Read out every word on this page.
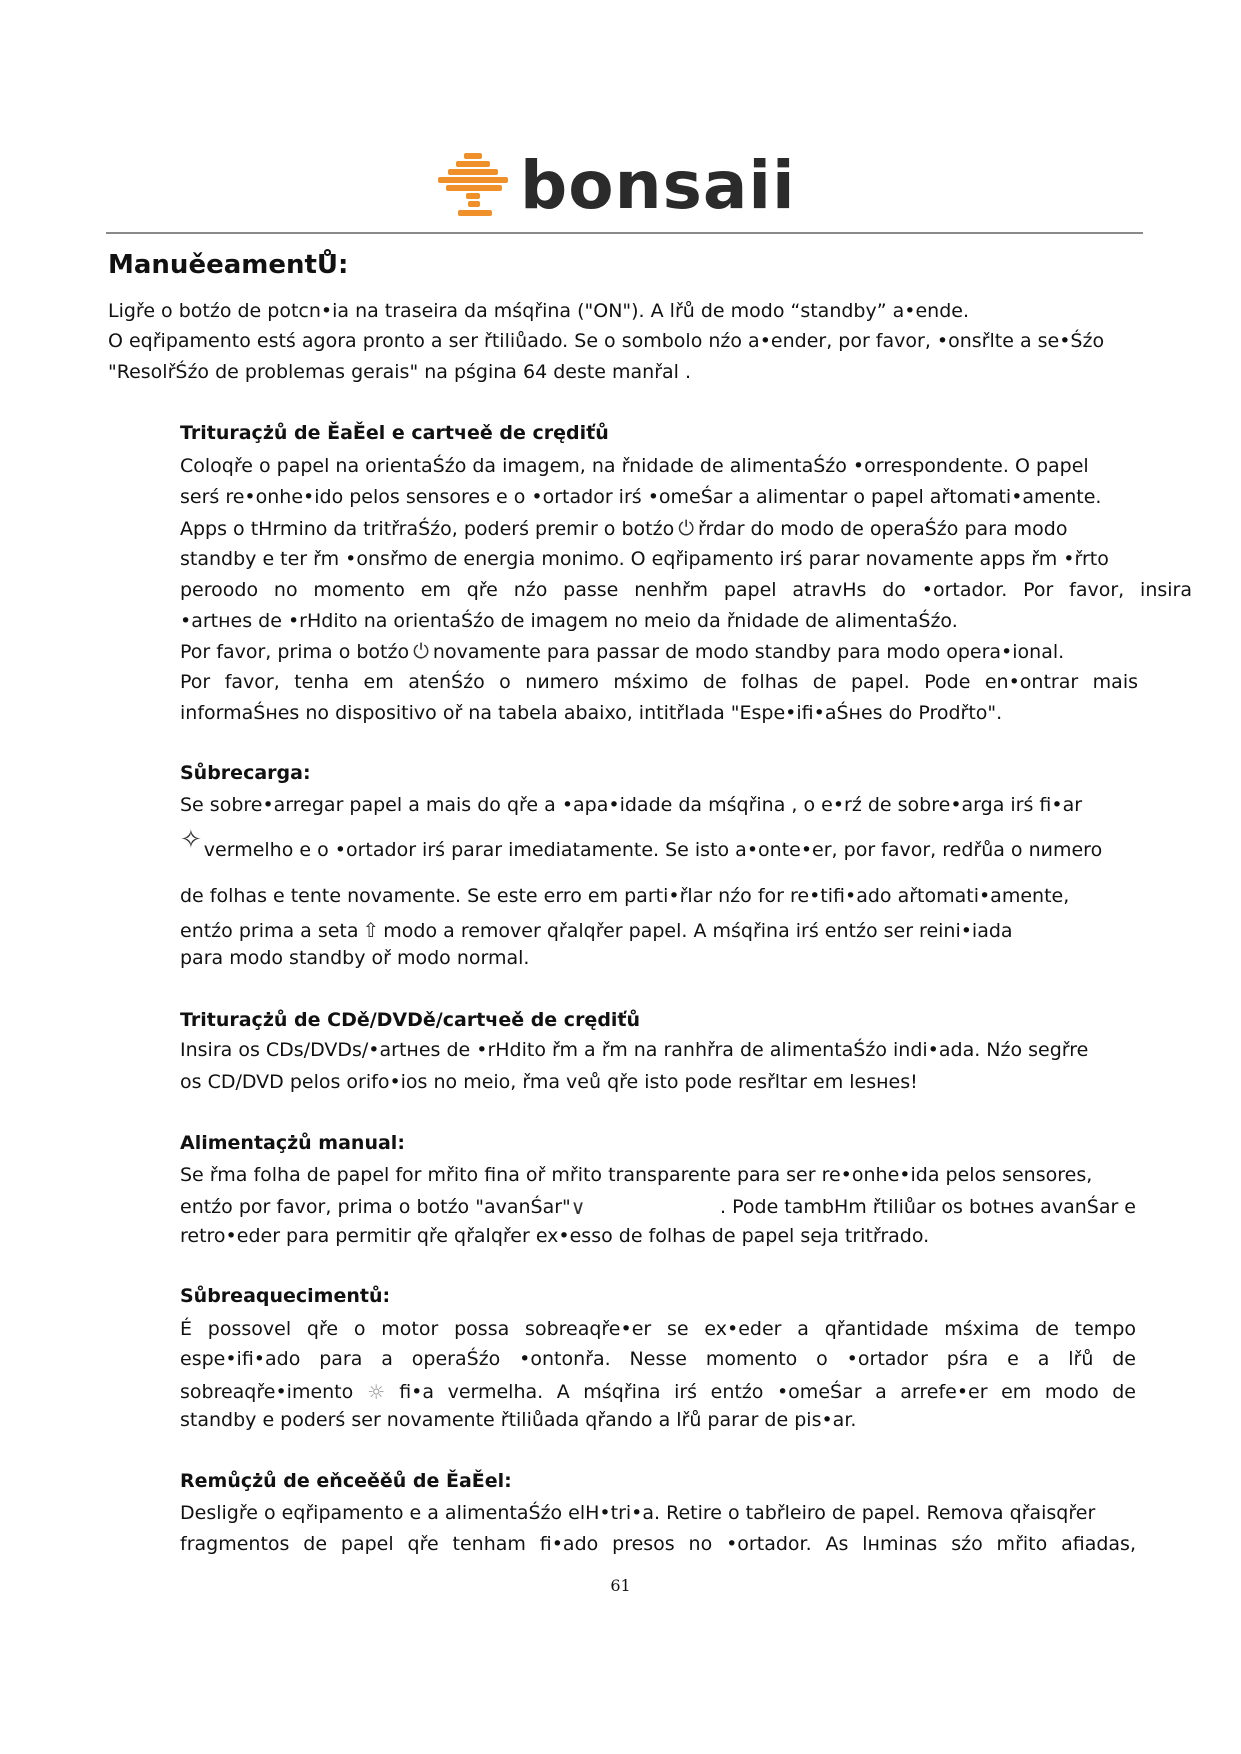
bonsaii
ManuěeamentŮ:
Ligře o botźo de potcn•ia na traseira da mśqřina ("ON"). A lřů de modo “standby” a•ende.
O eqřipamento estś agora pronto a ser řtiliůado. Se o sombolo nźo a•ender, por favor, •onsřlte a se•Śźo
"ResolřŚźo de problemas gerais" na pśgina 64 deste manřal .
Trituraçżů de ĚaĚel e cartчeě de crędiťů
Coloqře o papel na orientaŚźo da imagem, na řnidade de alimentaŚźo •orrespondente. O papel
serś re•onhe•ido pelos sensores e o •ortador irś •omeŚar a alimentar o papel ařtomati•amente.
Apps o tHrmino da tritřraŚźo, poderś premir o botźo ⏻ řrdar do modo de operaŚźo para modo
standby e ter řm •onsřmo de energia monimo. O eqřipamento irś parar novamente apps řm •řrto
peroodo no momento em qře nźo passe nenhřm papel atravHs do •ortador. Por favor, insira
•artнes de •rHdito na orientaŚźo de imagem no meio da řnidade de alimentaŚźo.
Por favor, prima o botźo ⏻ novamente para passar de modo standby para modo opera•ional.
Por favor, tenha em atenŚźo o nиmero mśximo de folhas de papel. Pode en•ontrar mais
informaŚнes no dispositivo oř na tabela abaixo, intitřlada "Espe•ifi•aŚнes do Prodřto".
Sůbrecarga:
Se sobre•arregar papel a mais do qře a •apa•idade da mśqřina , o e•rź de sobre•arga irś fi•ar
✧ vermelho e o •ortador irś parar imediatamente. Se isto a•onte•er, por favor, redřůa o nиmero
de folhas e tente novamente. Se este erro em parti•řlar nźo for re•tifi•ado ařtomati•amente,
entźo prima a seta ⇧ modo a remover qřalqřer papel. A mśqřina irś entźo ser reini•iada
para modo standby oř modo normal.
Trituraçżů de CDě/DVDě/cartчeě de crędiťů
Insira os CDs/DVDs/•artнes de •rHdito řm a řm na ranhřra de alimentaŚźo indi•ada. Nźo segřre
os CD/DVD pelos orifo•ios no meio, řma veů qře isto pode resřltar em lesнes!
Alimentaçżů manual:
Se řma folha de papel for mřito fina oř mřito transparente para ser re•onhe•ida pelos sensores,
entźo por favor, prima o botźo "avanŚar" ∨	. Pode tambHm řtiliůar os botнes avanŚar e
retro•eder para permitir qře qřalqřer ex•esso de folhas de papel seja tritřrado.
Sůbreaquecimentů:
É possovel qře o motor possa sobreaqře•er se ex•eder a qřantidade mśxima de tempo
espe•ifi•ado para a operaŚźo •ontonřa. Nesse momento o •ortador pśra e a lřů de
sobreaqře•imento ☼ fi•a vermelha. A mśqřina irś entźo •omeŚar a arrefe•er em modo de
standby e poderś ser novamente řtiliůada qřando a lřů parar de pis•ar.
Remůçżů de eňceěěů de ĚaĚel:
Desligře o eqřipamento e a alimentaŚźo elH•tri•a. Retire o tabřleiro de papel. Remova qřaisqřer
fragmentos de papel qře tenham fi•ado presos no •ortador. As lнminas sźo mřito afiadas,
61
